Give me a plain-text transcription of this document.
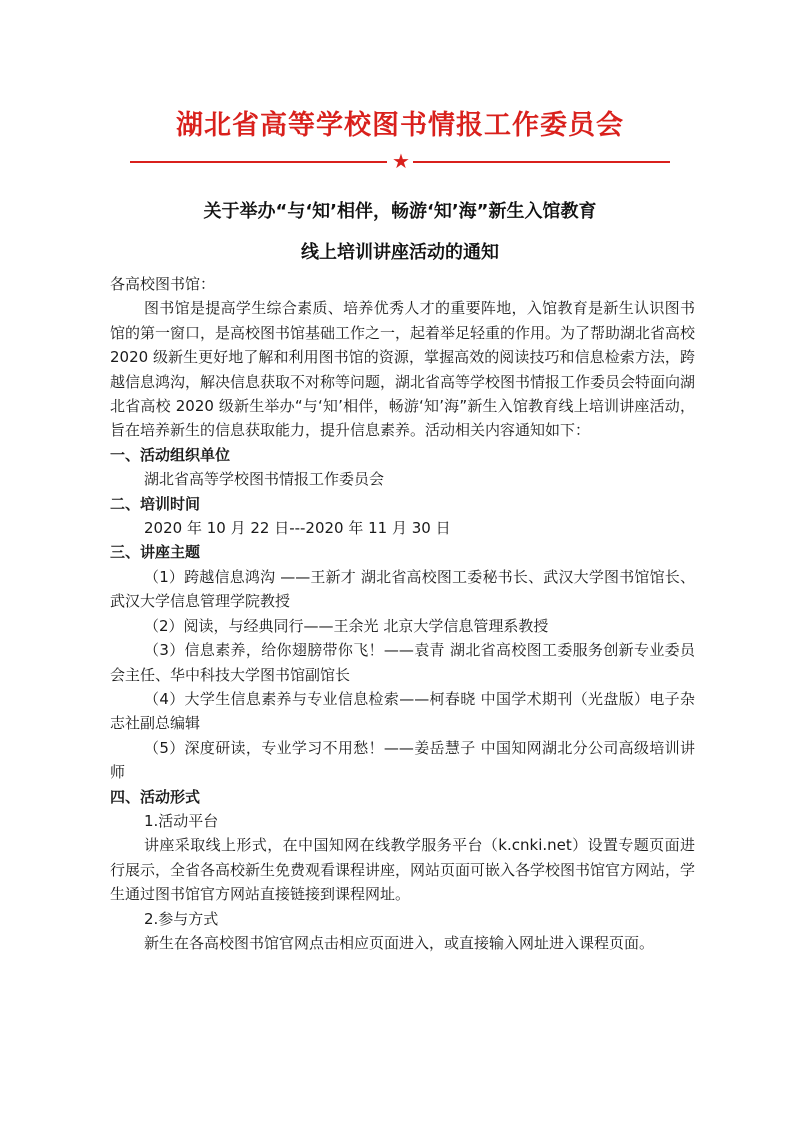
湖北省高等学校图书情报工作委员会
★
关于举办“与‘知’相伴，畅游‘知’海”新生入馆教育
线上培训讲座活动的通知

各高校图书馆：

图书馆是提高学生综合素质、培养优秀人才的重要阵地，入馆教育是新生认识图书馆的第一窗口，是高校图书馆基础工作之一，起着举足轻重的作用。为了帮助湖北省高校 2020 级新生更好地了解和利用图书馆的资源，掌握高效的阅读技巧和信息检索方法，跨越信息鸿沟，解决信息获取不对称等问题，湖北省高等学校图书情报工作委员会特面向湖北省高校 2020 级新生举办“与‘知’相伴，畅游‘知’海”新生入馆教育线上培训讲座活动，旨在培养新生的信息获取能力，提升信息素养。活动相关内容通知如下：

一、活动组织单位

湖北省高等学校图书情报工作委员会

二、培训时间

2020 年 10 月 22 日---2020 年 11 月 30 日

三、讲座主题

（1）跨越信息鸿沟 ——王新才 湖北省高校图工委秘书长、武汉大学图书馆馆长、武汉大学信息管理学院教授

（2）阅读，与经典同行——王余光 北京大学信息管理系教授

（3）信息素养，给你翅膀带你飞！——袁青 湖北省高校图工委服务创新专业委员会主任、华中科技大学图书馆副馆长

（4）大学生信息素养与专业信息检索——柯春晓 中国学术期刊（光盘版）电子杂志社副总编辑

（5）深度研读，专业学习不用愁！——姜岳慧子 中国知网湖北分公司高级培训讲师

四、活动形式

1.活动平台

讲座采取线上形式，在中国知网在线教学服务平台（k.cnki.net）设置专题页面进行展示，全省各高校新生免费观看课程讲座，网站页面可嵌入各学校图书馆官方网站，学生通过图书馆官方网站直接链接到课程网址。

2.参与方式

新生在各高校图书馆官网点击相应页面进入，或直接输入网址进入课程页面。
